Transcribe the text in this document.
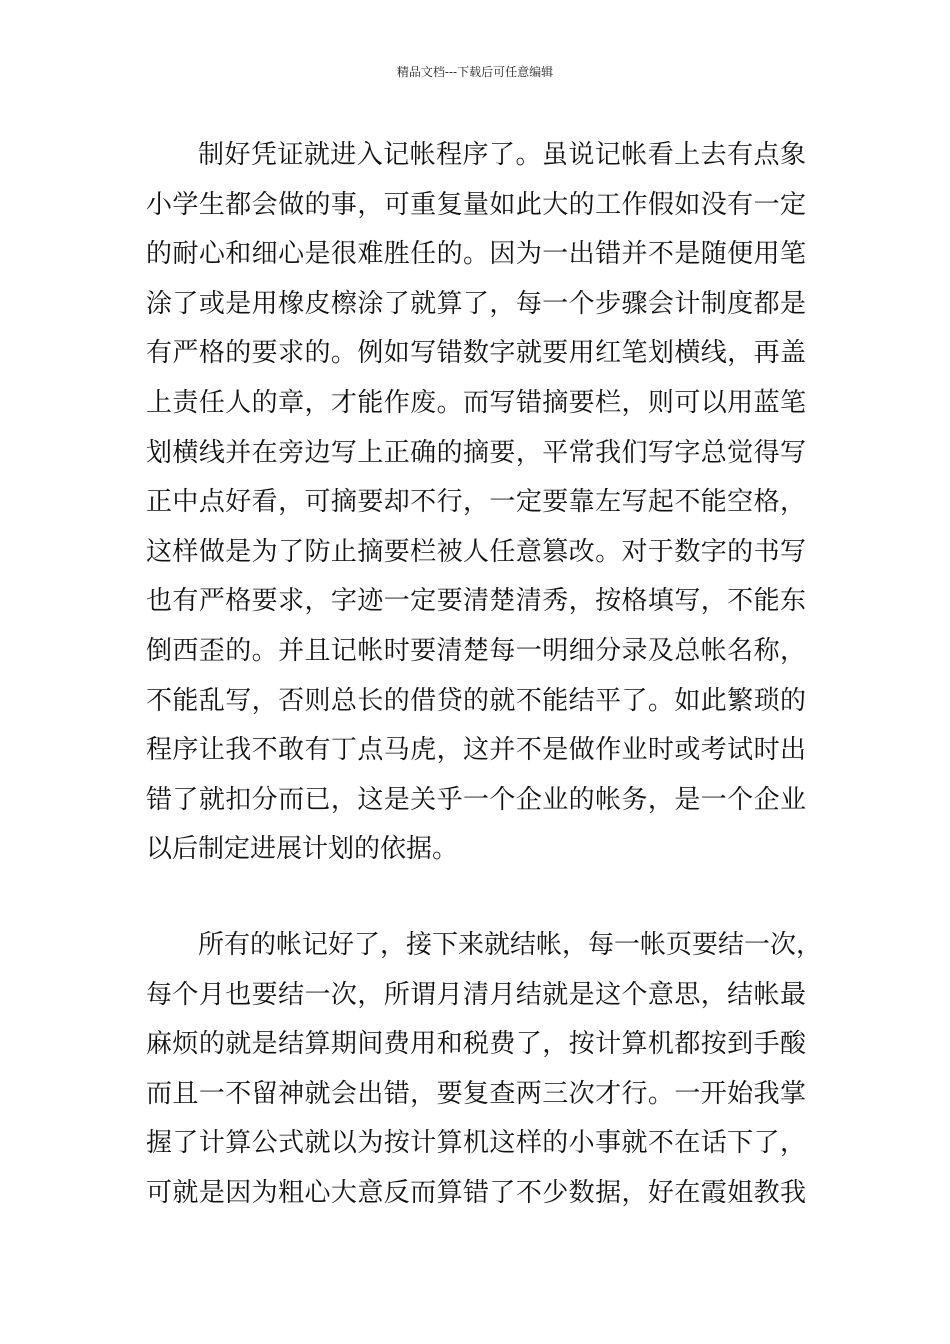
精品文档---下载后可任意编辑
制好凭证就进入记帐程序了。虽说记帐看上去有点象
小学生都会做的事，可重复量如此大的工作假如没有一定
的耐心和细心是很难胜任的。因为一出错并不是随便用笔
涂了或是用橡皮檫涂了就算了，每一个步骤会计制度都是
有严格的要求的。例如写错数字就要用红笔划横线，再盖
上责任人的章，才能作废。而写错摘要栏，则可以用蓝笔
划横线并在旁边写上正确的摘要，平常我们写字总觉得写
正中点好看，可摘要却不行，一定要靠左写起不能空格，
这样做是为了防止摘要栏被人任意篡改。对于数字的书写
也有严格要求，字迹一定要清楚清秀，按格填写，不能东
倒西歪的。并且记帐时要清楚每一明细分录及总帐名称，
不能乱写，否则总长的借贷的就不能结平了。如此繁琐的
程序让我不敢有丁点马虎，这并不是做作业时或考试时出
错了就扣分而已，这是关乎一个企业的帐务，是一个企业
以后制定进展计划的依据。
所有的帐记好了，接下来就结帐，每一帐页要结一次，
每个月也要结一次，所谓月清月结就是这个意思，结帐最
麻烦的就是结算期间费用和税费了，按计算机都按到手酸
而且一不留神就会出错，要复查两三次才行。一开始我掌
握了计算公式就以为按计算机这样的小事就不在话下了，
可就是因为粗心大意反而算错了不少数据，好在霞姐教我
